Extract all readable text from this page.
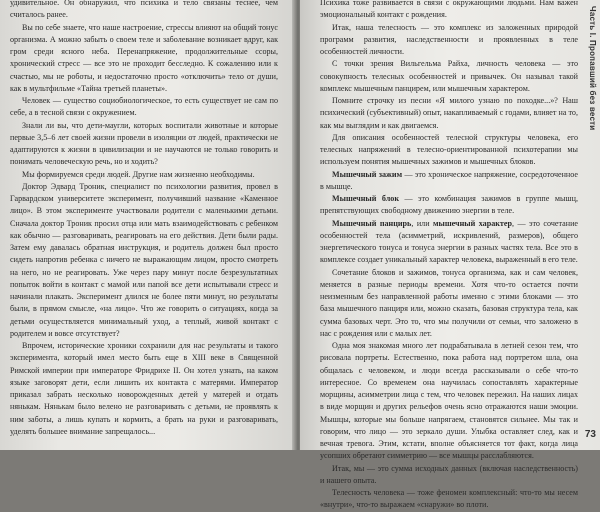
удивительное. Он обнаружил, что психика и тело связаны теснее, чем считалось ранее.

Вы по себе знаете, что наше настроение, стрессы влияют на общий тонус организма. А можно забыть о своем теле и заболевание возникает вдруг, как гром среди ясного неба. Перенапряжение, продолжительные ссоры, хронический стресс — все это не проходит бесследно. К сожалению или к счастью, мы не роботы, и недостаточно просто «отключить» тело от души, как в мультфильме «Тайна третьей планеты».

Человек — существо социобиологическое, то есть существует не сам по себе, а в тесной связи с окружением.

Знали ли вы, что дети-маугли, которых воспитали животные и которые первые 3,5–6 лет своей жизни провели в изоляции от людей, практически не адаптируются к жизни в цивилизации и не научаются не только говорить и понимать человеческую речь, но и ходить?

Мы формируемся среди людей. Другие нам жизненно необходимы.

Доктор Эдвард Троник, специалист по психологии развития, провел в Гарвардском университете эксперимент, получивший название «Каменное лицо». В этом эксперименте участвовали родители с маленькими детьми. Сначала доктор Троник просил отца или мать взаимодействовать с ребенком как обычно — разговаривать, реагировать на его действия. Дети были рады. Затем ему давалась обратная инструкция, и родитель должен был просто сидеть напротив ребенка с ничего не выражающим лицом, просто смотреть на него, но не реагировать. Уже через пару минут после безрезультатных попыток войти в контакт с мамой или папой все дети испытывали стресс и начинали плакать. Эксперимент длился не более пяти минут, но результаты были, в прямом смысле, «на лицо». Что же говорить о ситуациях, когда за детьми осуществляется минимальный уход, а теплый, живой контакт с родителем и вовсе отсутствует?

Впрочем, исторические хроники сохранили для нас результаты и такого эксперимента, который имел место быть еще в XIII веке в Священной Римской империи при императоре Фридрихе II. Он хотел узнать, на каком языке заговорят дети, если лишить их контакта с матерями. Император приказал забрать несколько новорожденных детей у матерей и отдать нянькам. Нянькам было велено не разговаривать с детьми, не проявлять к ним заботы, а лишь купать и кормить, а брать на руки и разговаривать, уделять большее внимание запрещалось...

Психика тоже развивается в связи с окружающими людьми. Нам важен эмоциональный контакт с рождения.

Итак, наша телесность — это комплекс из заложенных природой программ развития, наследственности и проявленных в теле особенностей личности.

С точки зрения Вильгельма Райха, личность человека — это совокупность телесных особенностей и привычек. Он называл такой комплекс мышечным панцирем, или мышечным характером.

Помните строчку из песни «Я милого узнаю по походке...»? Наш психический (субъективный) опыт, накапливаемый с годами, влияет на то, как мы выглядим и как двигаемся.

Для описания особенностей телесной структуры человека, его телесных напряжений в телесно-ориентированной психотерапии мы используем понятия мышечных зажимов и мышечных блоков.

Мышечный зажим — это хроническое напряжение, сосредоточенное в мышце.

Мышечный блок — это комбинация зажимов в группе мышц, препятствующих свободному движению энергии в теле.

Мышечный панцирь, или мышечный характер, — это сочетание особенностей тела (асимметрий, искривлений, размеров), общего энергетического тонуса и тонуса энергии в разных частях тела. Все это в комплексе создает уникальный характер человека, выраженный в его теле.

Сочетание блоков и зажимов, тонуса организма, как и сам человек, меняется в разные периоды времени. Хотя что-то остается почти неизменным без направленной работы именно с этими блоками — это база мышечного панциря или, можно сказать, базовая структура тела, как сумма базовых черт. Это то, что мы получили от семьи, что заложено в нас с рождения или с малых лет.

Одна моя знакомая много лет подрабатывала в летней сезон тем, что рисовала портреты. Естественно, пока работа над портретом шла, она общалась с человеком, и люди всегда рассказывали о себе что-то интересное. Со временем она научилась сопоставлять характерные морщины, асимметрии лица с тем, что человек пережил. На наших лицах в виде морщин и других рельефов очень ясно отражаются наши эмоции. Мышцы, которые мы больше напрягаем, становятся сильнее. Мы так и говорим, что лицо — это зеркало души. Улыбка оставляет след, как и вечная тревога. Этим, кстати, вполне объясняется тот факт, когда лица усопших обретают симметрию — все мышцы расслабляются.

Итак, мы — это сумма исходных данных (включая наследственность) и нашего опыта.

Телесность человека — тоже феномен комплексный: что-то мы несем «внутри», что-то выражаем «снаружи» во плоти.

Часть I. Пропавший без вести
73
